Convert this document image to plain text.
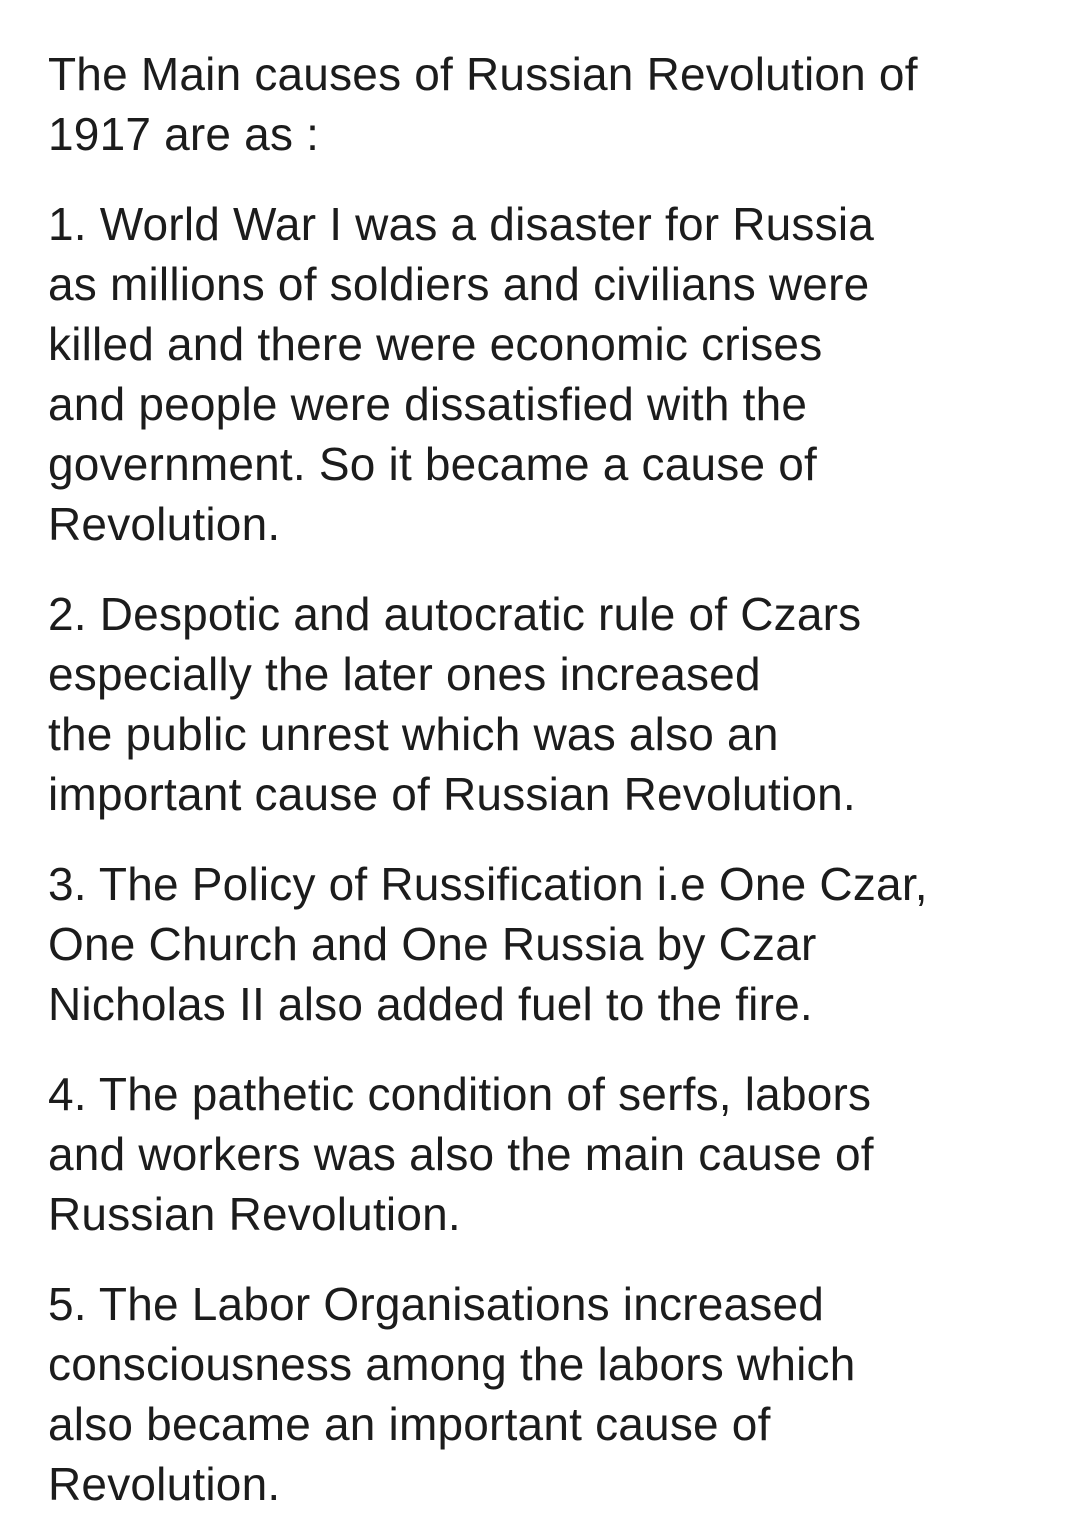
The Main causes of Russian Revolution of
1917 are as :

1. World War I was a disaster for Russia
as millions of soldiers and civilians were
killed and there were economic crises
and people were dissatisfied with the
government. So it became a cause of
Revolution.

2. Despotic and autocratic rule of Czars
especially the later ones increased
the public unrest which was also an
important cause of Russian Revolution.

3. The Policy of Russification i.e One Czar,
One Church and One Russia by Czar
Nicholas II also added fuel to the fire.

4. The pathetic condition of serfs, labors
and workers was also the main cause of
Russian Revolution.

5. The Labor Organisations increased
consciousness among the labors which
also became an important cause of
Revolution.
